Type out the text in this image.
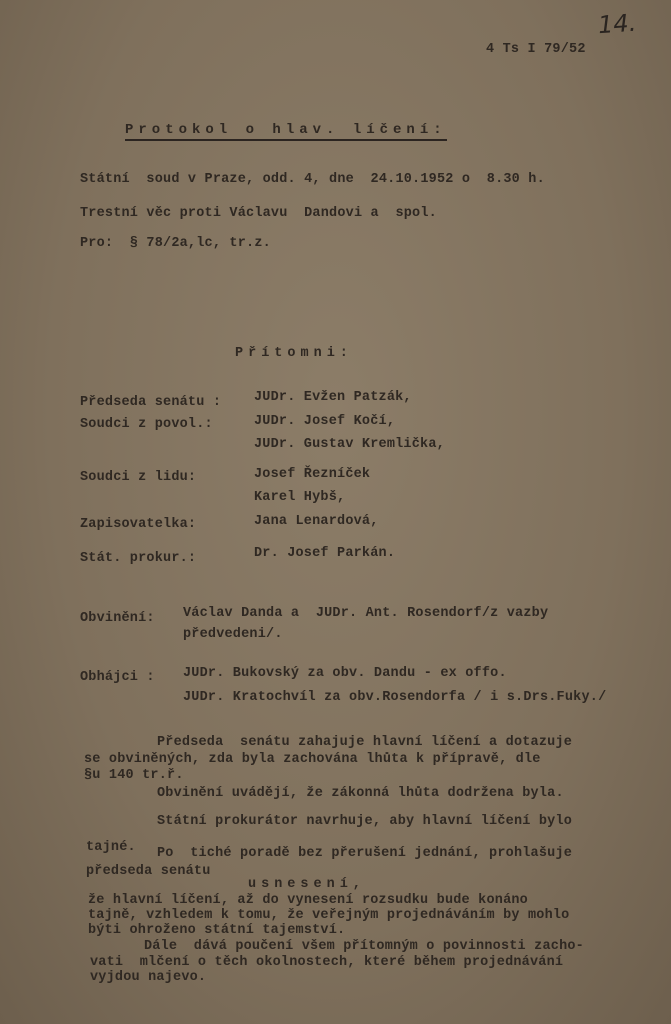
14.
4 Ts I 79/52
Protokol o hlav. líčení:
Státní  soud v Praze, odd. 4, dne  24.10.1952 o  8.30 h.
Trestní věc proti Václavu  Dandovi a  spol.
Pro:  § 78/2a,lc, tr.z.
Přítomni:
Předseda senátu : JUDr. Evžen Patzák,
Soudci z povol.:	JUDr. Josef Kočí,
JUDr. Gustav Kremlička,
Soudci z lidu:	Josef Řezníček
Karel Hybš,
Zapisovatelka:	Jana Lenardová,
Stát. prokur.:	Dr. Josef Parkán.
Obvinění: Václav Danda a  JUDr. Ant. Rosendorf/z vazby
předvedeni/.
Obhájci : JUDr. Bukovský za obv. Dandu - ex offo.
JUDr. Kratochvíl za obv.Rosendorfa / i s.Drs.Fuky./
Předseda  senátu zahajuje hlavní líčení a dotazuje
se obviněných, zda byla zachována lhůta k přípravě, dle
§u 140 tr.ř.
Obvinění uvádějí, že zákonná lhůta dodržena byla.
Státní prokurátor navrhuje, aby hlavní líčení bylo
tajné. Po  tiché poradě bez přerušení jednání, prohlašuje
předseda senátu
usnesení,
že hlavní líčení, až do vynesení rozsudku bude konáno
tajně, vzhledem k tomu, že veřejným projednáváním by mohlo
býti ohroženo státní tajemství.
Dále  dává poučení všem přítomným o povinnosti zacho-
vati  mlčení o těch okolnostech, které během projednávání
vyjdou najevo.
